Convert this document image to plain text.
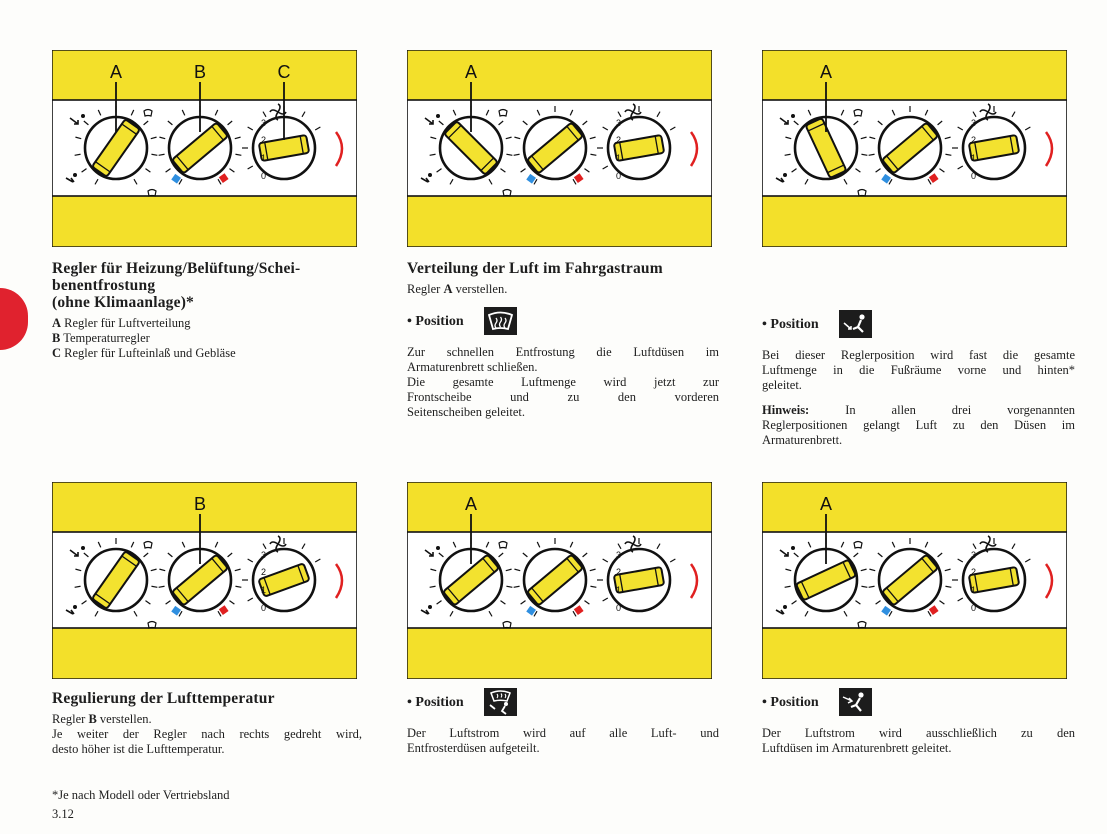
3
2
1
0
A	B	C
3
2
1
0
A
3
2
1
0
A
3
2
1
0
B
3
2
1
0
A
3
2
1
0
A

Regler für Heizung/Belüftung/Schei-

benentfrostung

(ohne Klimaanlage)*

A Regler für Luftverteilung

B Temperaturregler

C Regler für Lufteinlaß und Gebläse

Verteilung der Luft im Fahrgastraum

Regler A verstellen.

• Position

Zur schnellen Entfrostung die Luftdüsen im

Armaturenbrett schließen.

Die gesamte Luftmenge wird jetzt zur

Frontscheibe und zu den vorderen

Seitenscheiben geleitet.

• Position

Bei dieser Reglerposition wird fast die gesamte

Luftmenge in die Fußräume vorne und hinten*

geleitet.

Hinweis:	In allen drei vorgenannten

Reglerpositionen gelangt Luft zu den Düsen im

Armaturenbrett.

Regulierung der Lufttemperatur

Regler B verstellen.

Je weiter der Regler nach rechts gedreht wird,

desto höher ist die Lufttemperatur.

• Position

Der Luftstrom wird auf alle Luft- und

Entfrosterdüsen aufgeteilt.

• Position

Der Luftstrom wird ausschließlich zu den

Luftdüsen im Armaturenbrett geleitet.

*Je nach Modell oder Vertriebsland
3.12
